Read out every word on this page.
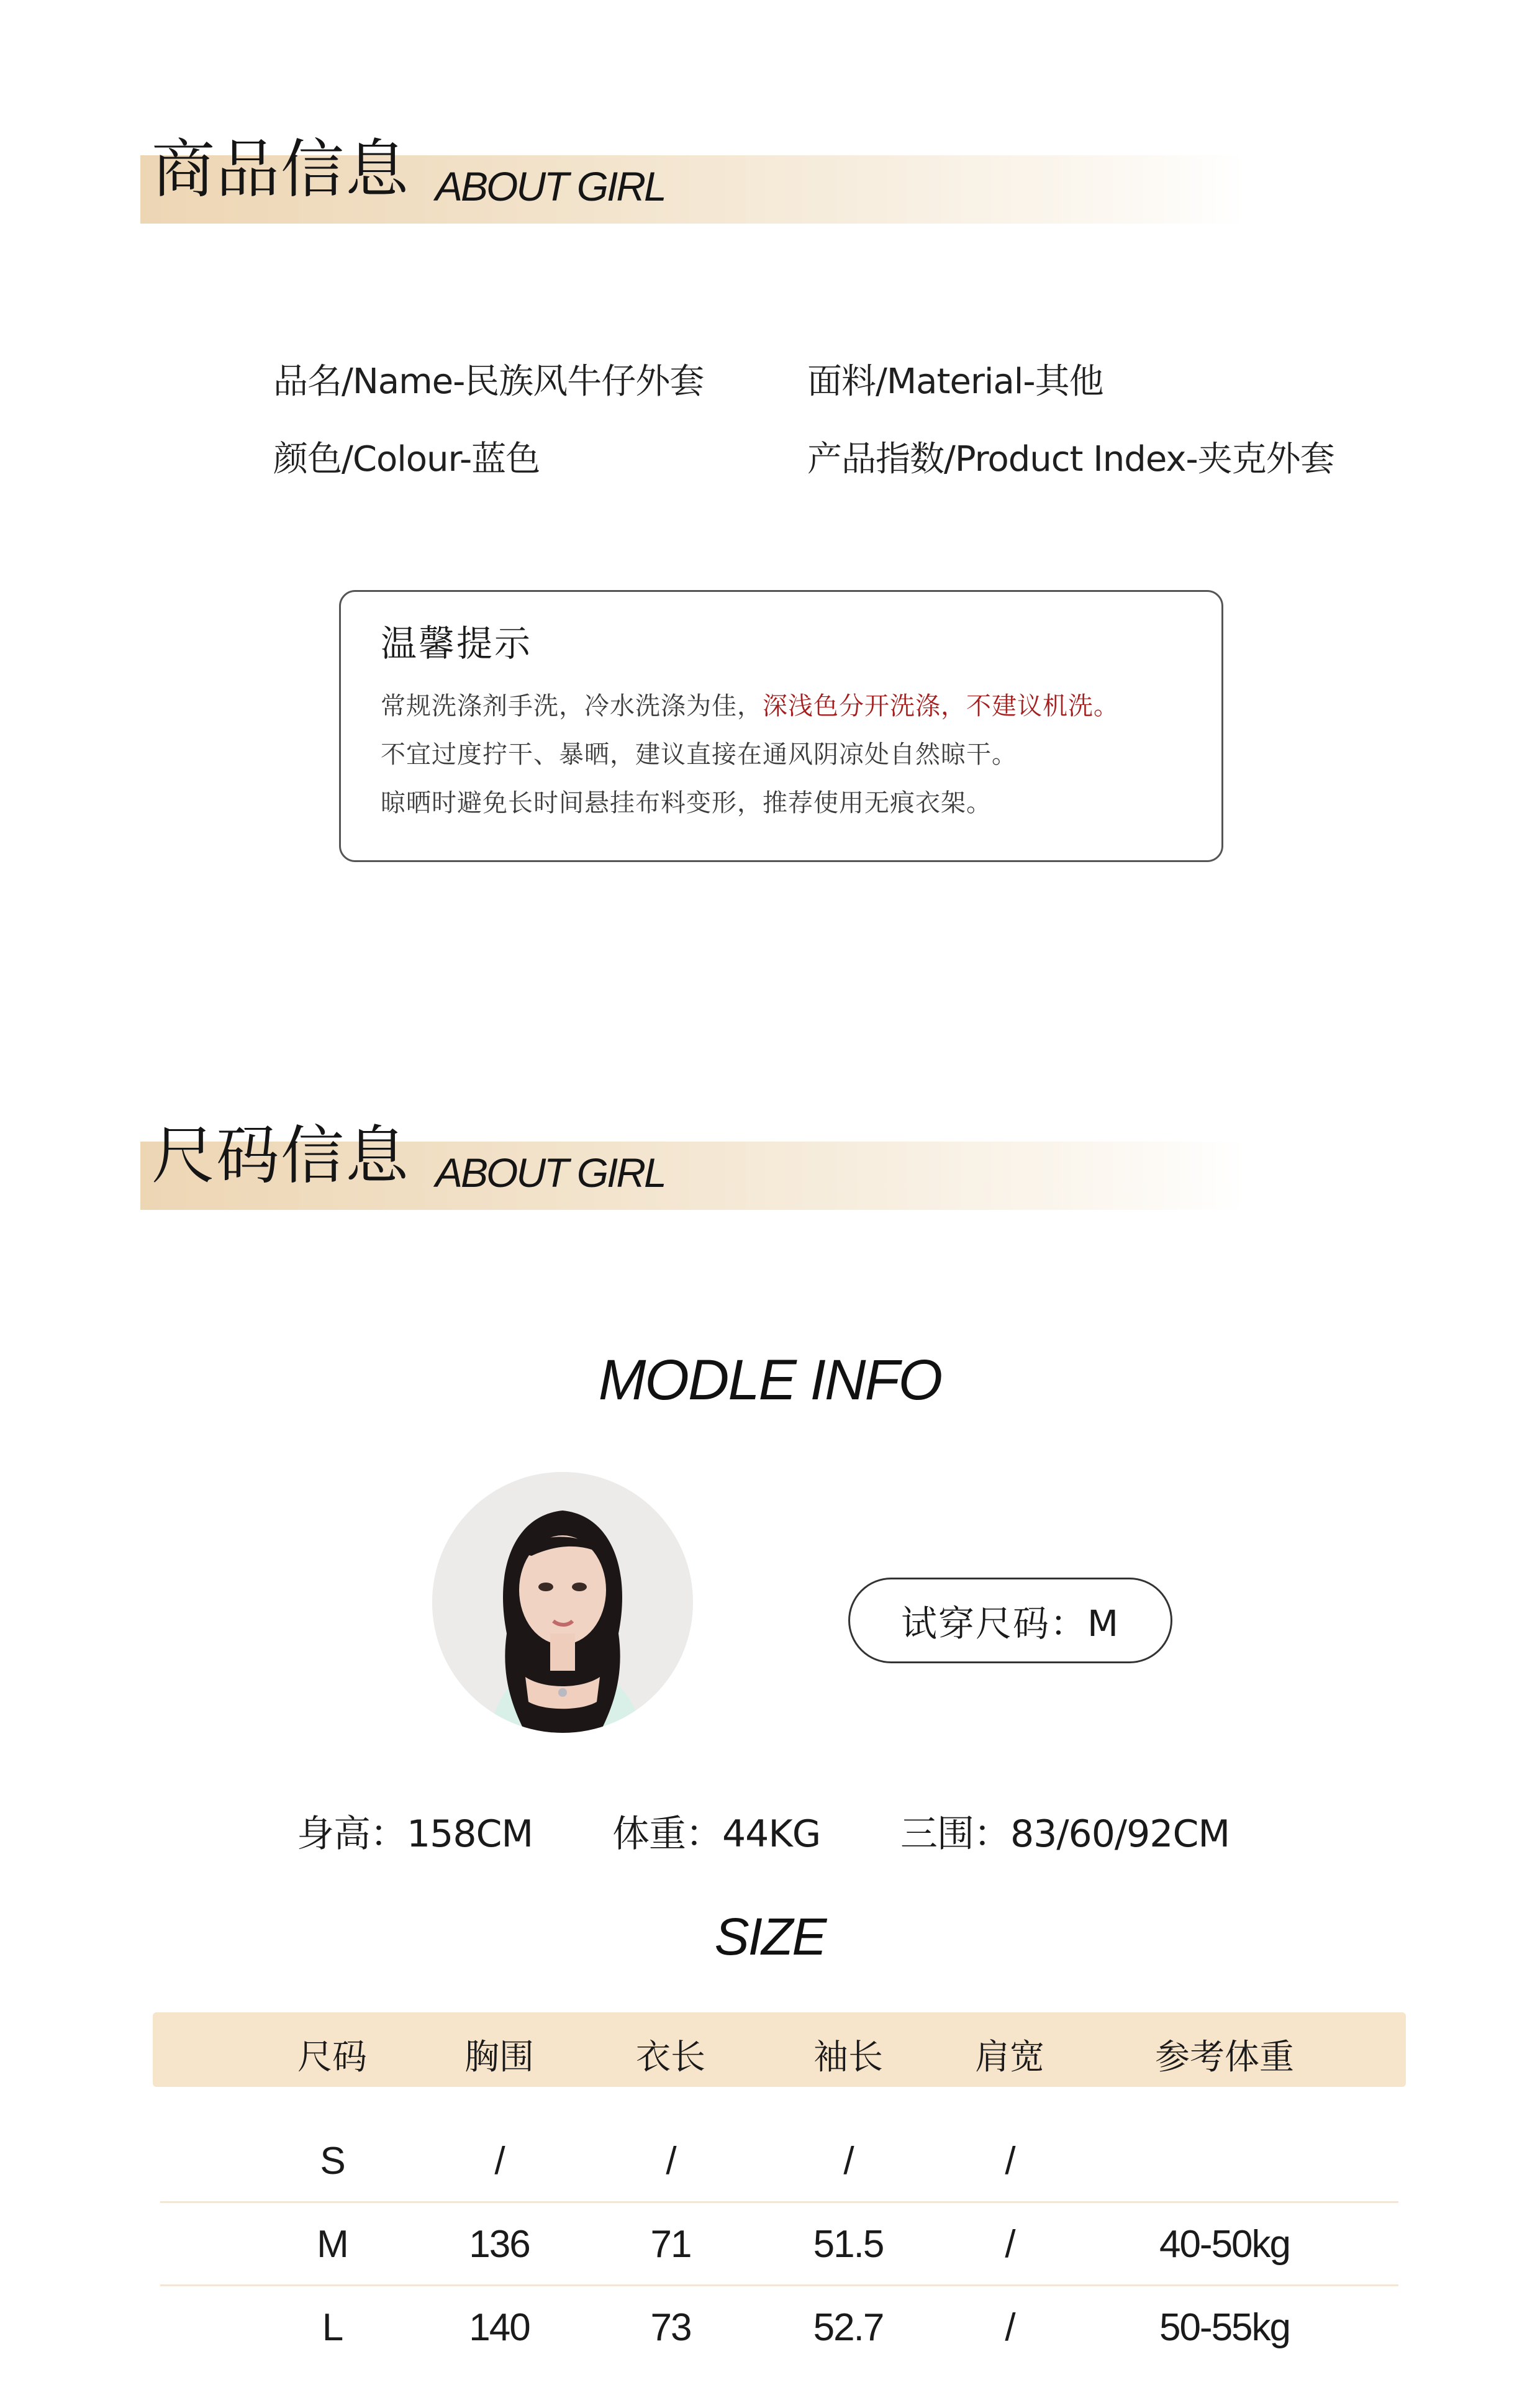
商品信息 ABOUT GIRL
品名/Name-民族风牛仔外套	面料/Material-其他
颜色/Colour-蓝色	产品指数/Product Index-夹克外套
温馨提示
常规洗涤剂手洗，冷水洗涤为佳，深浅色分开洗涤，不建议机洗。
不宜过度拧干、暴晒，建议直接在通风阴凉处自然晾干。
晾晒时避免长时间悬挂布料变形，推荐使用无痕衣架。
尺码信息 ABOUT GIRL
MODLE INFO
试穿尺码：M
身高：158CM 体重：44KG 三围：83/60/92CM
SIZE
尺码	胸围	衣长	袖长	肩宽	参考体重
S	/	/	/	/
M	136	71	51.5	/	40-50kg
L	140	73	52.7	/	50-55kg
